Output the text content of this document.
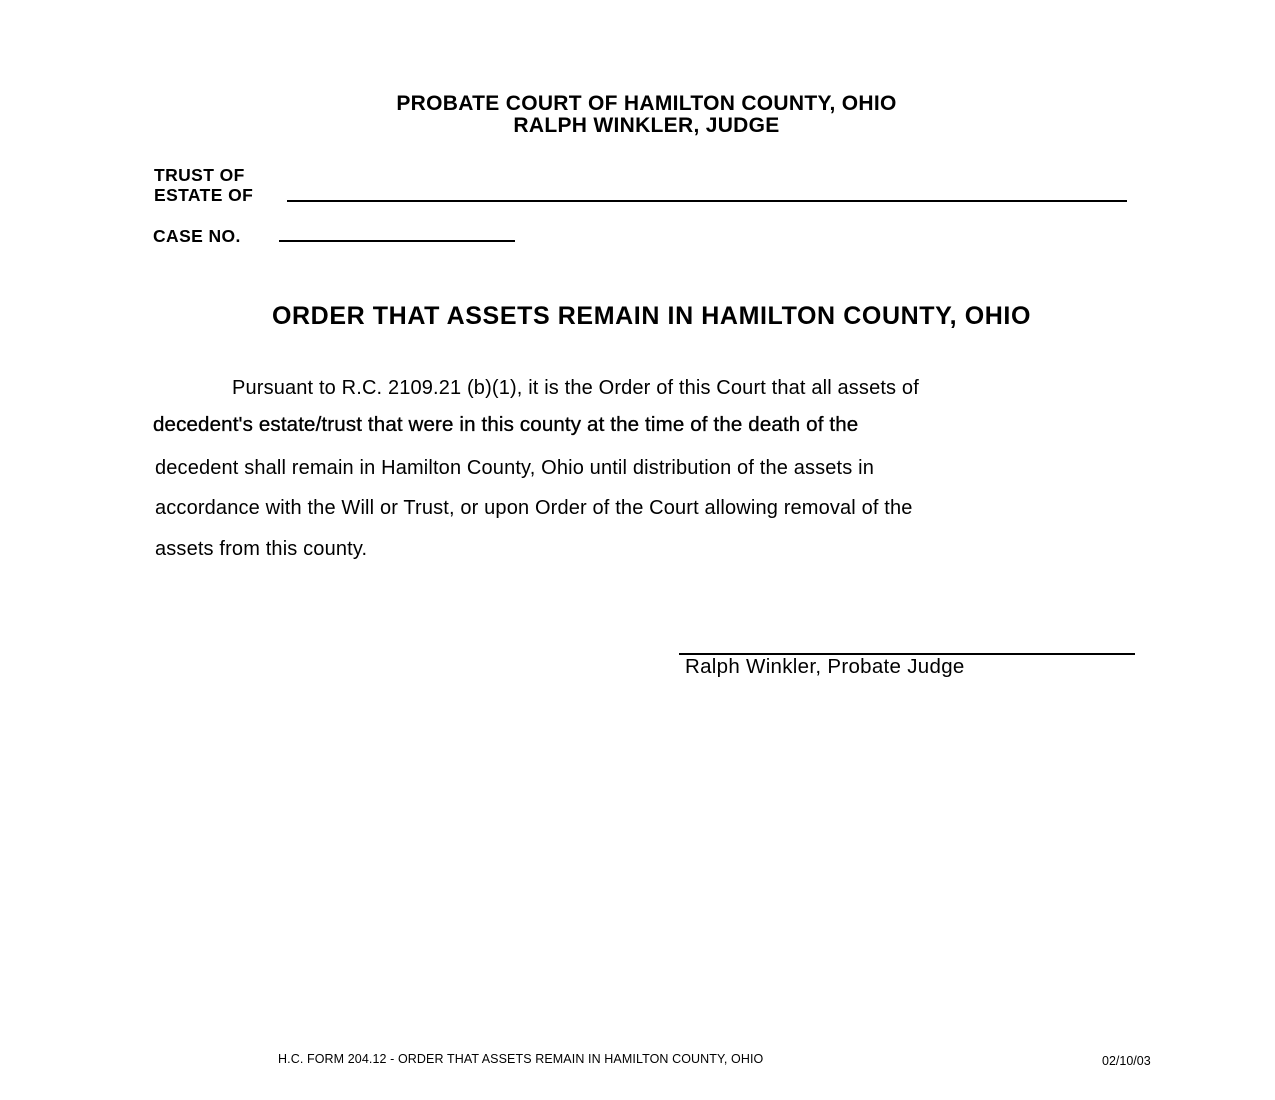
PROBATE COURT OF HAMILTON COUNTY, OHIO
RALPH WINKLER, JUDGE
TRUST OF
ESTATE OF
CASE NO.
ORDER THAT ASSETS REMAIN IN HAMILTON COUNTY, OHIO
Pursuant to R.C. 2109.21 (b)(1), it is the Order of this Court that all assets of
decedent's estate/trust that were in this county at the time of the death of the
decedent shall remain in Hamilton County, Ohio until distribution of the assets in
accordance with the Will or Trust, or upon Order of the Court allowing removal of the
assets from this county.
Ralph Winkler, Probate Judge
H.C. FORM 204.12 - ORDER THAT ASSETS REMAIN IN HAMILTON COUNTY, OHIO	02/10/03
